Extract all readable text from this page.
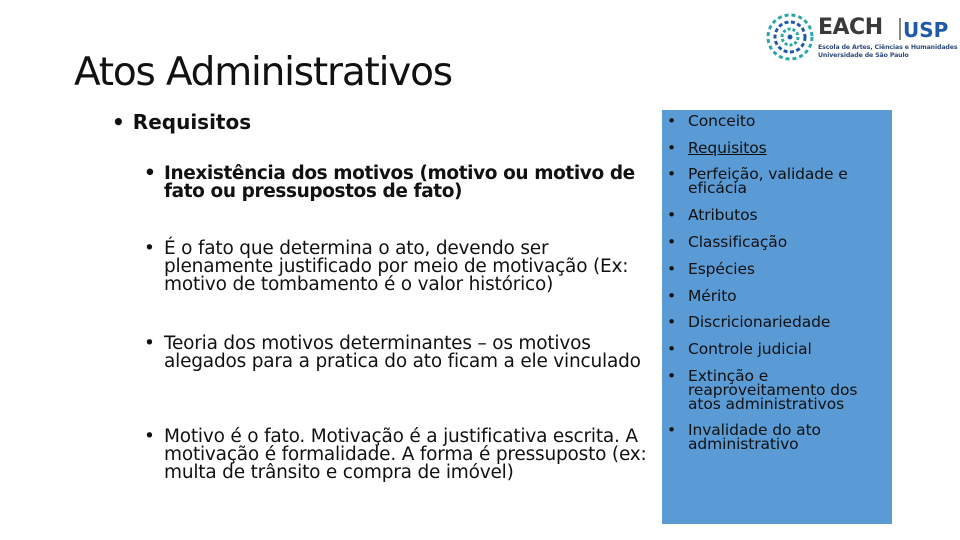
Atos Administrativos
• Requisitos
• Inexistência dos motivos (motivo ou motivo de fato ou pressupostos de fato)
• É o fato que determina o ato, devendo ser plenamente justificado por meio de motivação (Ex: motivo de tombamento é o valor histórico)
• Teoria dos motivos determinantes – os motivos alegados para a pratica do ato ficam a ele vinculado
• Motivo é o fato. Motivação é a justificativa escrita. A motivação é formalidade. A forma é pressuposto (ex: multa de trânsito e compra de imóvel)
• Conceito
• Requisitos
• Perfeição, validade e eficácia
• Atributos
• Classificação
• Espécies
• Mérito
• Discricionariedade
• Controle judicial
• Extinção e reaproveitamento dos atos administrativos
• Invalidade do ato administrativo
USP
EACH
Escola de Artes, Ciências e Humanidades
Universidade de São Paulo
